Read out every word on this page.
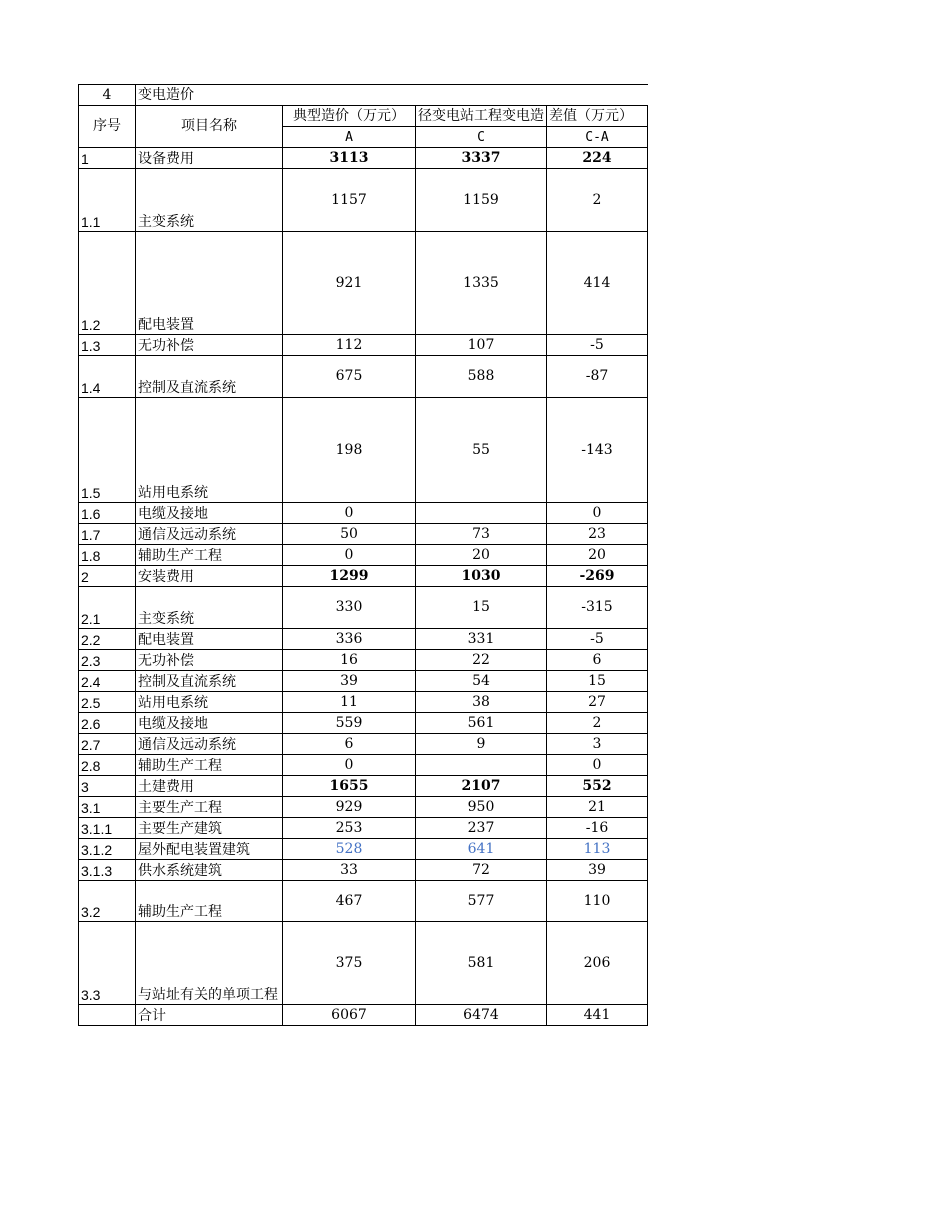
4	变电造价			
序号	项目名称	典型造价（万元）	径变电站工程变电造	差值（万元）
		A	C	C-A
1	设备费用	3113	3337	224
1.1	主变系统	1157	1159	2
1.2	配电装置	921	1335	414
1.3	无功补偿	112	107	-5
1.4	控制及直流系统	675	588	-87
1.5	站用电系统	198	55	-143
1.6	电缆及接地	0		0
1.7	通信及远动系统	50	73	23
1.8	辅助生产工程	0	20	20
2	安装费用	1299	1030	-269
2.1	主变系统	330	15	-315
2.2	配电装置	336	331	-5
2.3	无功补偿	16	22	6
2.4	控制及直流系统	39	54	15
2.5	站用电系统	11	38	27
2.6	电缆及接地	559	561	2
2.7	通信及远动系统	6	9	3
2.8	辅助生产工程	0		0
3	土建费用	1655	2107	552
3.1	主要生产工程	929	950	21
3.1.1	主要生产建筑	253	237	-16
3.1.2	屋外配电装置建筑	528	641	113
3.1.3	供水系统建筑	33	72	39
3.2	辅助生产工程	467	577	110
3.3	与站址有关的单项工程	375	581	206
	合计	6067	6474	441
